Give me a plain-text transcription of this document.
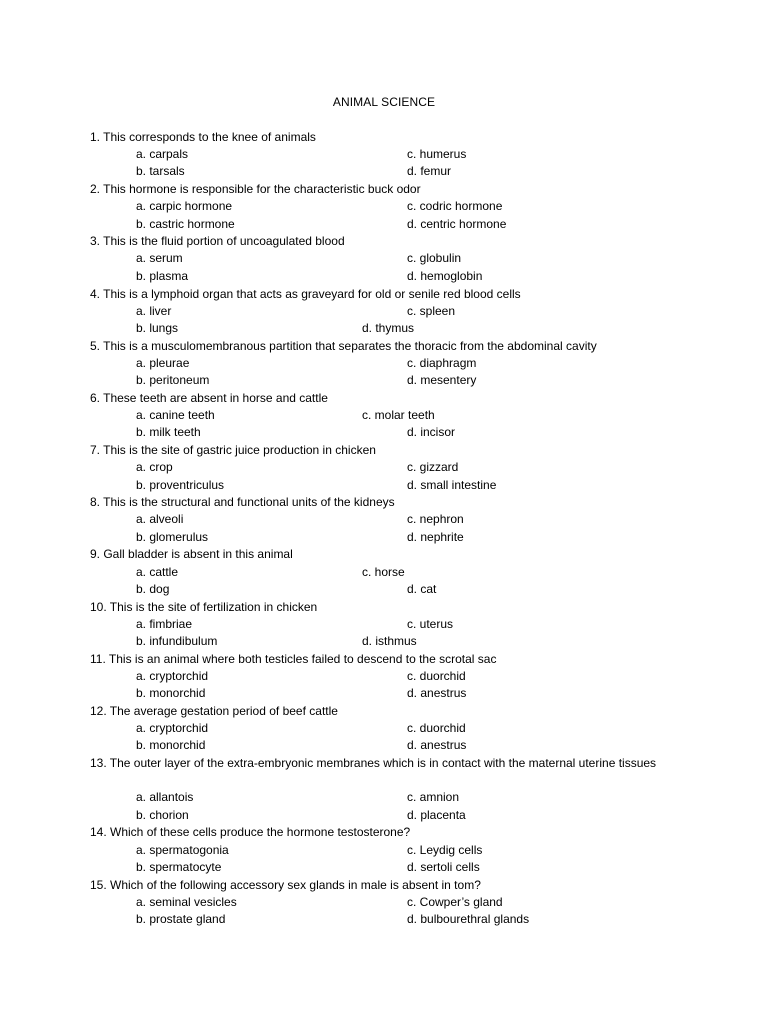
ANIMAL SCIENCE
1. This corresponds to the knee of animals
a. carpals	c. humerus
b. tarsals	d. femur
2. This hormone is responsible for the characteristic buck odor
a. carpic hormone	c. codric hormone
b. castric hormone	d. centric hormone
3. This is the fluid portion of uncoagulated blood
a. serum	c. globulin
b. plasma	d. hemoglobin
4. This is a lymphoid organ that acts as graveyard for old or senile red blood cells
a. liver	c. spleen
b. lungs	d. thymus
5. This is a musculomembranous partition that separates the thoracic from the abdominal cavity
a. pleurae	c. diaphragm
b. peritoneum	d. mesentery
6. These teeth are absent in horse and cattle
a. canine teeth	c. molar teeth
b. milk teeth	d. incisor
7. This is the site of gastric juice production in chicken
a. crop	c. gizzard
b. proventriculus	d. small intestine
8. This is the structural and functional units of the kidneys
a. alveoli	c. nephron
b. glomerulus	d. nephrite
9. Gall bladder is absent in this animal
a. cattle	c. horse
b. dog	d. cat
10. This is the site of fertilization in chicken
a. fimbriae	c. uterus
b. infundibulum	d. isthmus
11. This is an animal where both testicles failed to descend to the scrotal sac
a. cryptorchid	c. duorchid
b. monorchid	d. anestrus
12. The average gestation period of beef cattle
a. cryptorchid	c. duorchid
b. monorchid	d. anestrus
13. The outer layer of the extra-embryonic membranes which is in contact with the maternal uterine tissues
a. allantois	c. amnion
b. chorion	d. placenta
14. Which of these cells produce the hormone testosterone?
a. spermatogonia	c. Leydig cells
b. spermatocyte	d. sertoli cells
15. Which of the following accessory sex glands in male is absent in tom?
a. seminal vesicles	c. Cowper’s gland
b. prostate gland	d. bulbourethral glands
